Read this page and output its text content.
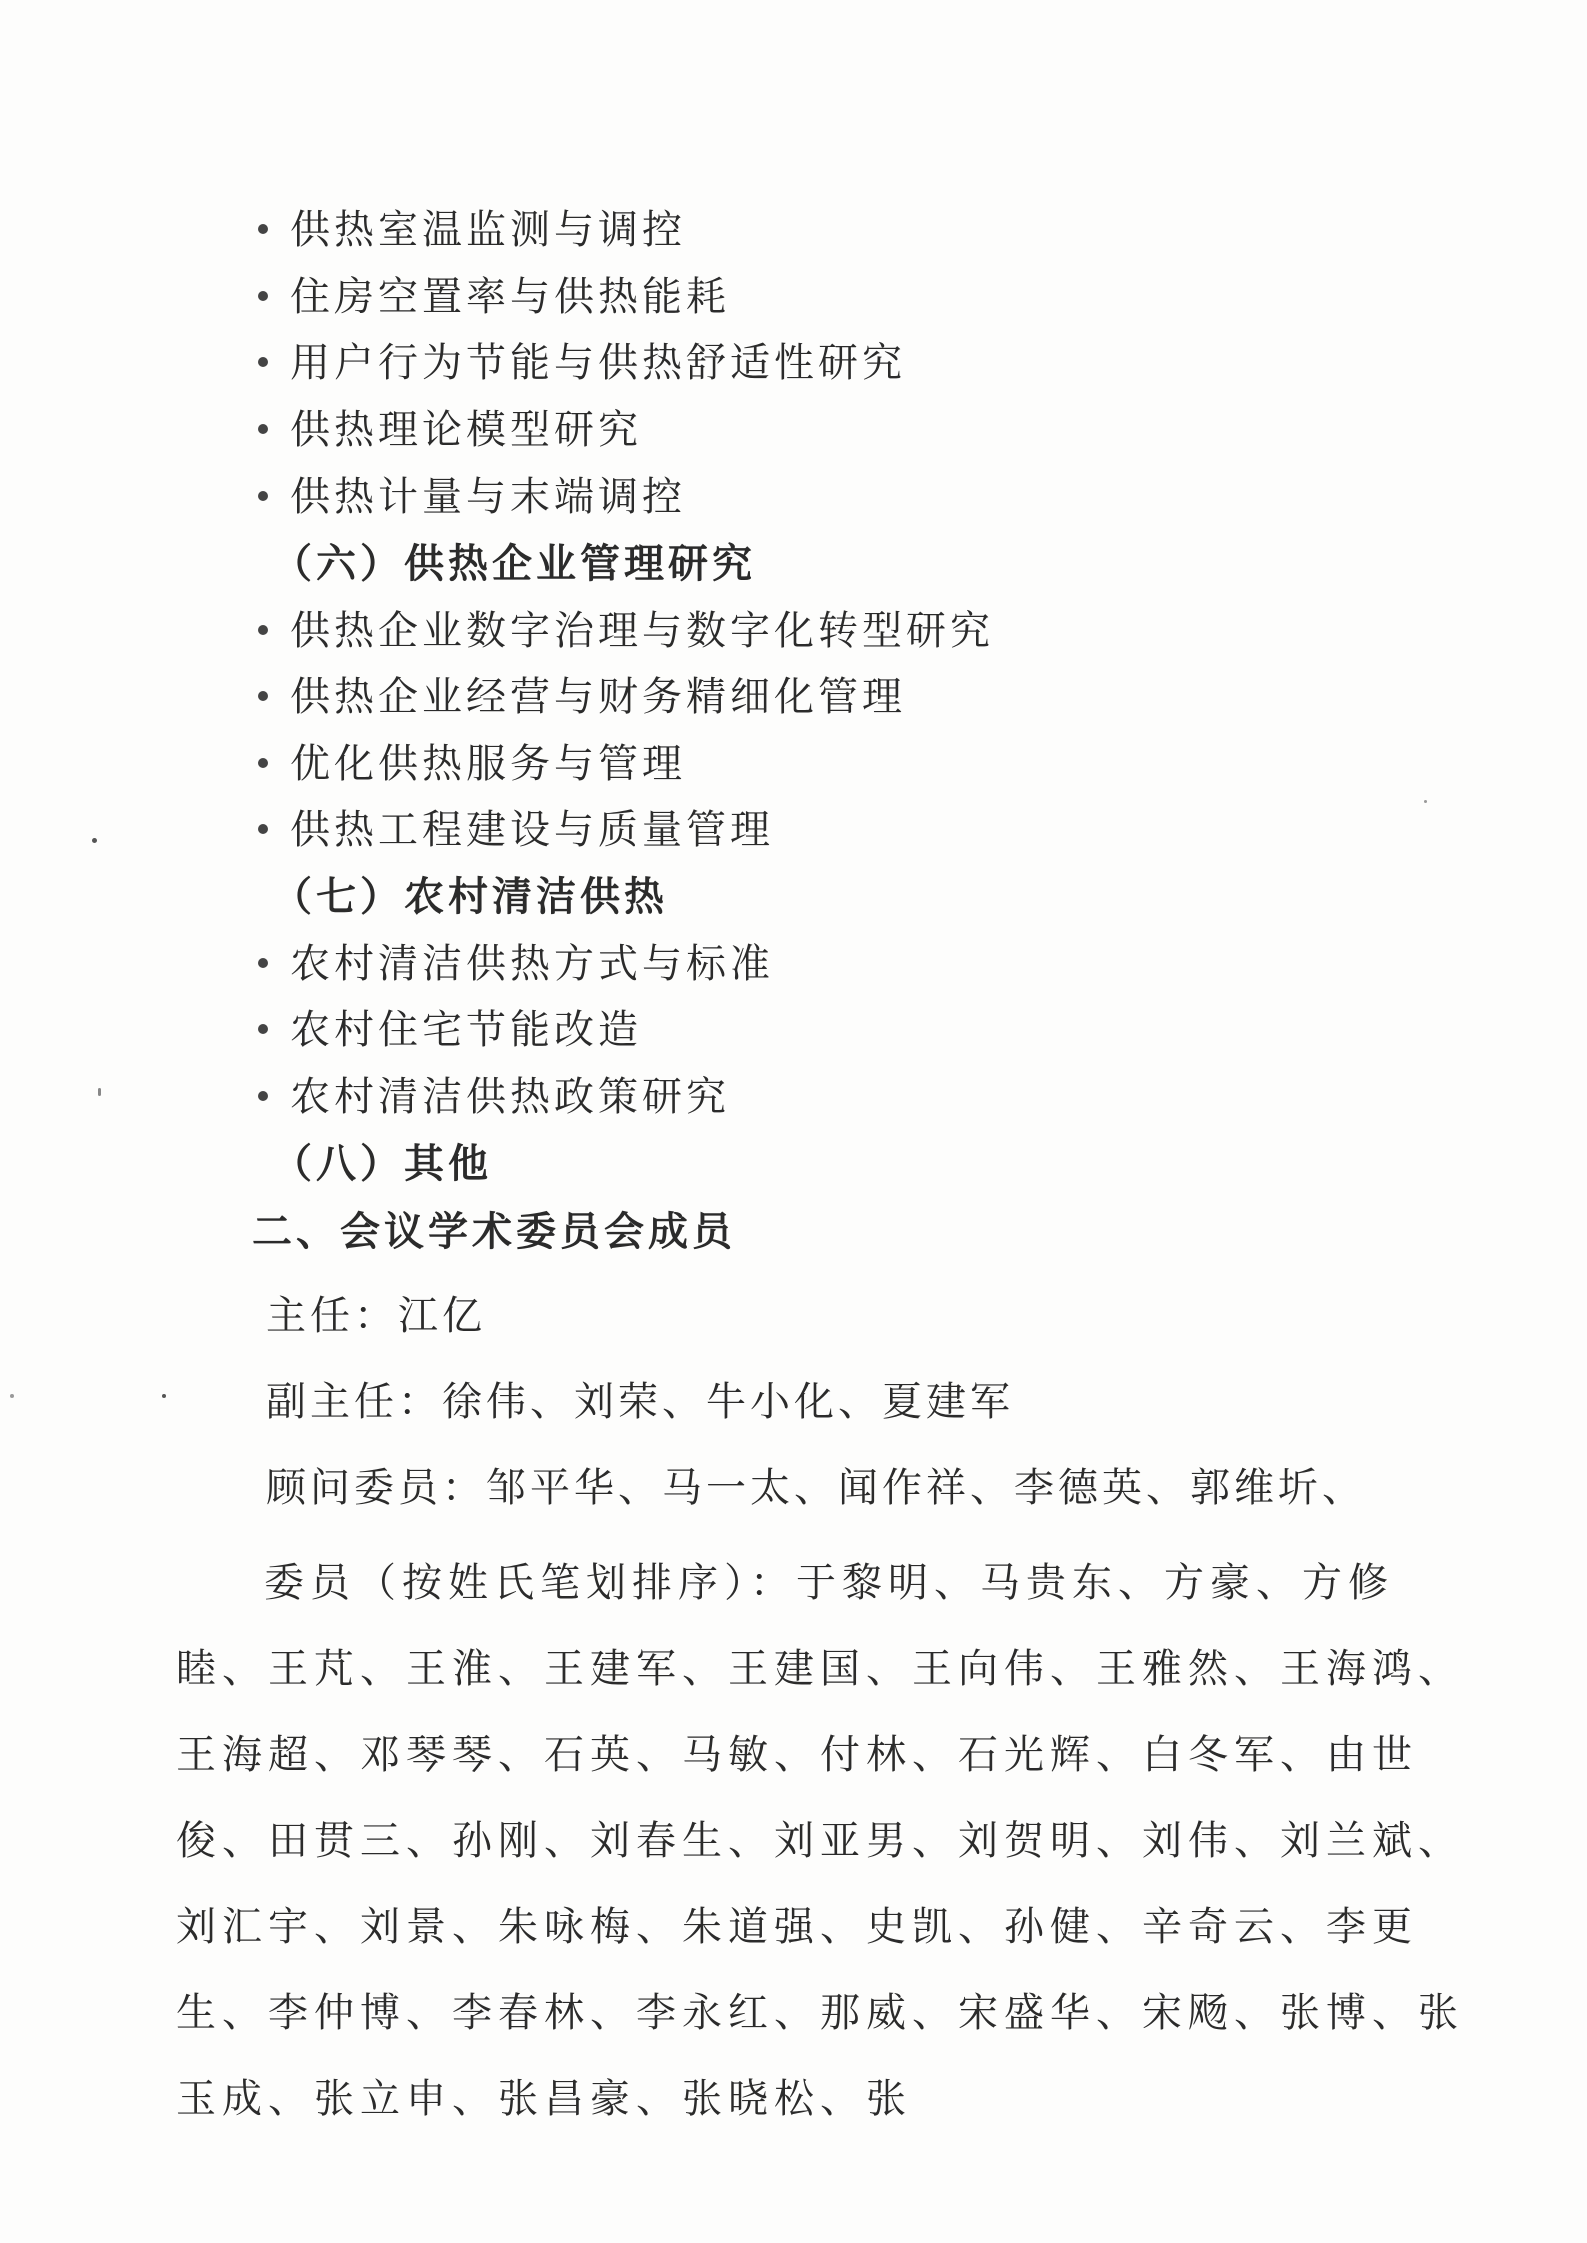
供热室温监测与调控
住房空置率与供热能耗
用户行为节能与供热舒适性研究
供热理论模型研究
供热计量与末端调控
（六）供热企业管理研究
供热企业数字治理与数字化转型研究
供热企业经营与财务精细化管理
优化供热服务与管理
供热工程建设与质量管理
（七）农村清洁供热
农村清洁供热方式与标准
农村住宅节能改造
农村清洁供热政策研究
（八）其他
二、会议学术委员会成员
主任：江亿
副主任：徐伟、刘荣、牛小化、夏建军
顾问委员：邹平华、马一太、闻作祥、李德英、郭维圻、
委员（按姓氏笔划排序）：于黎明、马贵东、方豪、方修睦、王芃、王淮、王建军、王建国、王向伟、王雅然、王海鸿、王海超、邓琴琴、石英、马敏、付林、石光辉、白冬军、由世俊、田贯三、孙刚、刘春生、刘亚男、刘贺明、刘伟、刘兰斌、刘汇宇、刘景、朱咏梅、朱道强、史凯、孙健、辛奇云、李更生、李仲博、李春林、李永红、那威、宋盛华、宋飏、张博、张玉成、张立申、张昌豪、张晓松、张
